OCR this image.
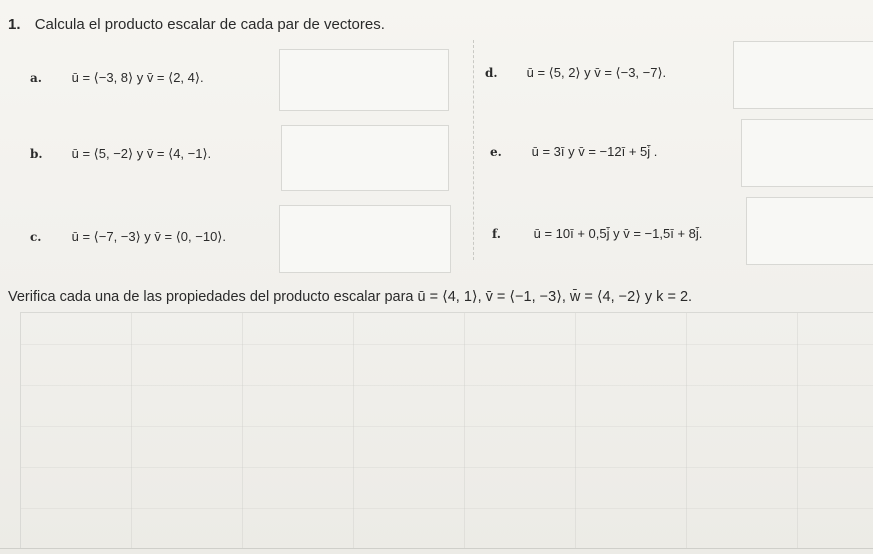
1. Calcula el producto escalar de cada par de vectores.
a. ū = ⟨−3, 8⟩ y v̄ = ⟨2, 4⟩.
b. ū = ⟨5, −2⟩ y v̄ = ⟨4, −1⟩.
c. ū = ⟨−7, −3⟩ y v̄ = ⟨0, −10⟩.
d. ū = ⟨5, 2⟩ y v̄ = ⟨−3, −7⟩.
e. ū = 3ī y v̄ = −12ī + 5j̄ .
f.	ū = 10ī + 0,5j̄ y v̄ = −1,5ī + 8j̄.
Verifica cada una de las propiedades del producto escalar para ū = ⟨4, 1⟩, v̄ = ⟨−1, −3⟩, w̄ = ⟨4, −2⟩ y k = 2.
